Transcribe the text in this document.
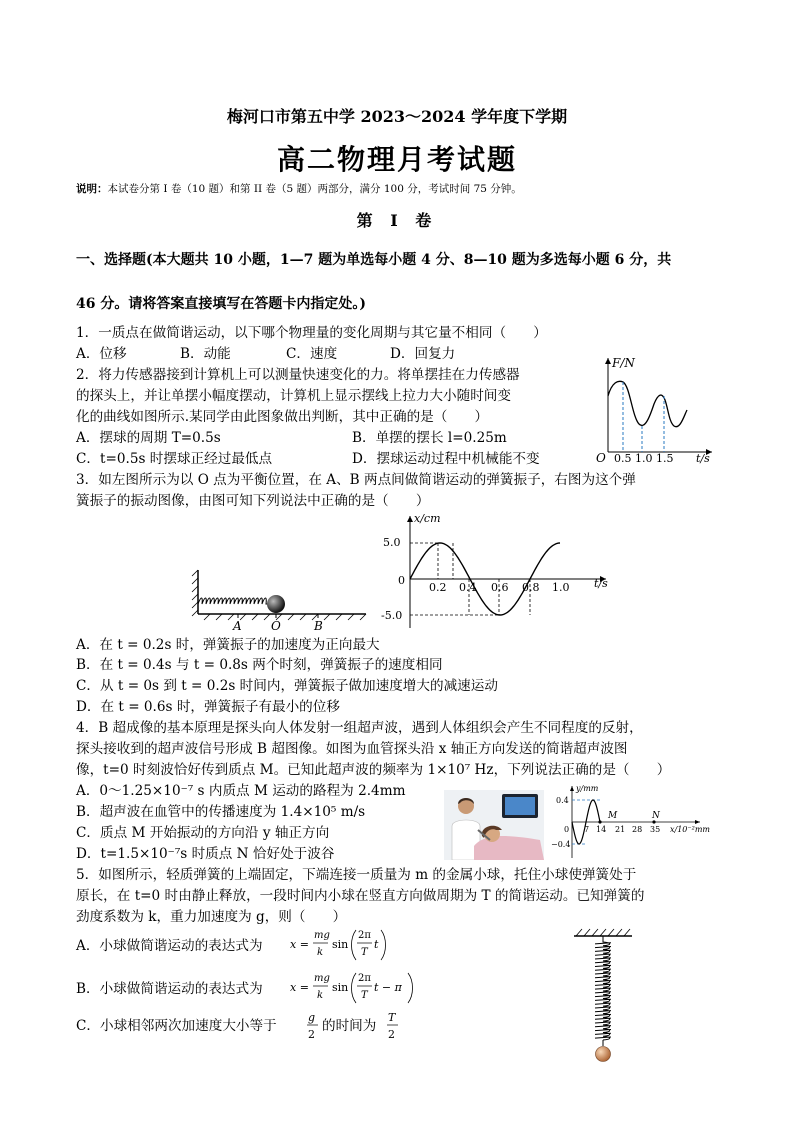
梅河口市第五中学 2023～2024 学年度下学期
高二物理月考试题
说明：本试卷分第 I 卷（10 题）和第 II 卷（5 题）两部分，满分 100 分，考试时间 75 分钟。
第 I 卷
一、选择题(本大题共 10 小题，1—7 题为单选每小题 4 分、8—10 题为多选每小题 6 分，共
46 分。请将答案直接填写在答题卡内指定处。)
1．一质点在做简谐运动，以下哪个物理量的变化周期与其它量不相同（　　）
A．位移	B．动能	C．速度	D．回复力
2．将力传感器接到计算机上可以测量快速变化的力。将单摆挂在力传感器
的探头上，并让单摆小幅度摆动，计算机上显示摆线上拉力大小随时间变
化的曲线如图所示.某同学由此图象做出判断，其中正确的是（　　）
A．摆球的周期 T=0.5s	B．单摆的摆长 l=0.25m
C．t=0.5s 时摆球正经过最低点	D．摆球运动过程中机械能不变
F/N
O 0.5 1.0 1.5 t/s
3．如左图所示为以 O 点为平衡位置，在 A、B 两点间做简谐运动的弹簧振子，右图为这个弹
簧振子的振动图像，由图可知下列说法中正确的是（　　）
A O	B
x/cm
5.0
-5.0
0
0.2 0.4 0.6 0.8 1.0 t/s
A．在 t = 0.2s 时，弹簧振子的加速度为正向最大
B．在 t = 0.4s 与 t = 0.8s 两个时刻，弹簧振子的速度相同
C．从 t = 0s 到 t = 0.2s 时间内，弹簧振子做加速度增大的减速运动
D．在 t = 0.6s 时，弹簧振子有最小的位移
4．B 超成像的基本原理是探头向人体发射一组超声波，遇到人体组织会产生不同程度的反射，
探头接收到的超声波信号形成 B 超图像。如图为血管探头沿 x 轴正方向发送的简谐超声波图
像，t=0 时刻波恰好传到质点 M。已知此超声波的频率为 1×10⁷ Hz，下列说法正确的是（　　）
A．0～1.25×10⁻⁷ s 内质点 M 运动的路程为 2.4mm
B．超声波在血管中的传播速度为 1.4×10⁵ m/s
C．质点 M 开始振动的方向沿 y 轴正方向
D．t=1.5×10⁻⁷s 时质点 N 恰好处于波谷
y/mm
0.4
−0.4
0 7 14 21 28 35 x/10⁻²mm
M	N
5．如图所示，轻质弹簧的上端固定，下端连接一质量为 m 的金属小球，托住小球使弹簧处于
原长，在 t=0 时由静止释放，一段时间内小球在竖直方向做周期为 T 的简谐运动。已知弹簧的
劲度系数为 k，重力加速度为 g，则（　　）
A．小球做简谐运动的表达式为 x =
mg
k
sin
2π
T
t
B．小球做简谐运动的表达式为 x =
mg
k
sin
2π
T
t − π
C．小球相邻两次加速度大小等于
g
2
的时间为
T
2
